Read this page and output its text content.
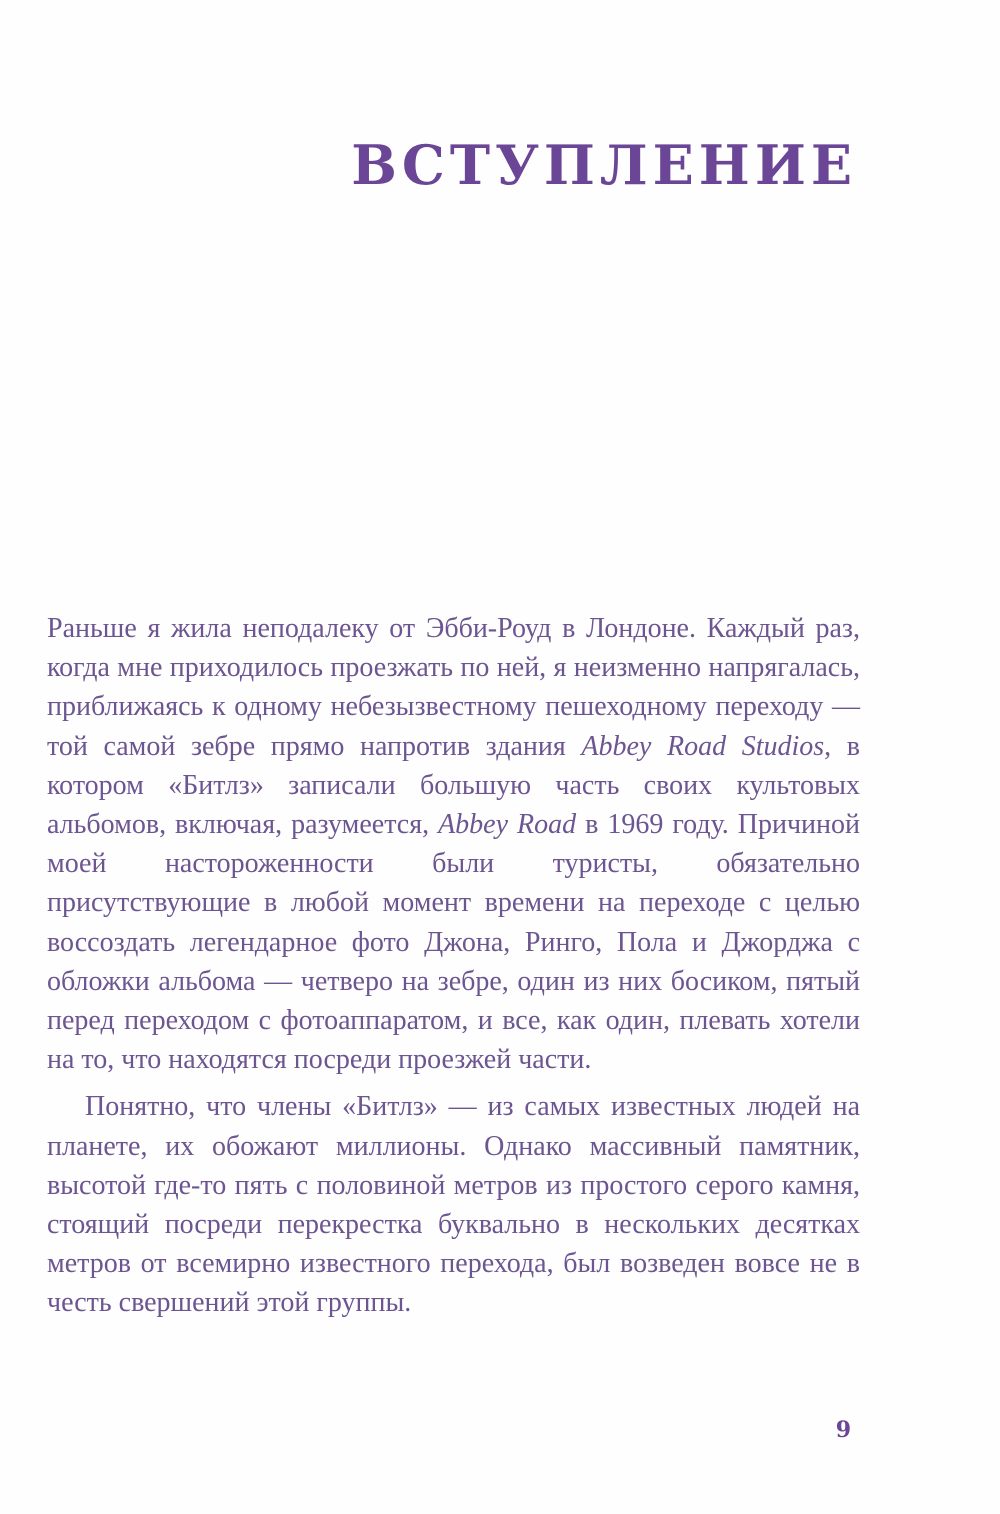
ВСТУПЛЕНИЕ

Раньше я жила неподалеку от Эбби-Роуд в Лондоне. Каждый раз, когда мне приходилось проезжать по ней, я неизменно напрягалась, приближаясь к одному небезызвестному пешеходному переходу — той самой зебре прямо напротив здания Abbey Road Studios, в котором «Битлз» записали большую часть своих культовых альбомов, включая, разумеется, Abbey Road в 1969 году. Причиной моей настороженности были туристы, обязательно присутствующие в любой момент времени на переходе с целью воссоздать легендарное фото Джона, Ринго, Пола и Джорджа с обложки альбома — четверо на зебре, один из них босиком, пятый перед переходом с фотоаппаратом, и все, как один, плевать хотели на то, что находятся посреди проезжей части.

Понятно, что члены «Битлз» — из самых известных людей на планете, их обожают миллионы. Однако массивный памятник, высотой где-то пять с половиной метров из простого серого камня, стоящий посреди перекрестка буквально в нескольких десятках метров от всемирно известного перехода, был возведен вовсе не в честь свершений этой группы.

9
